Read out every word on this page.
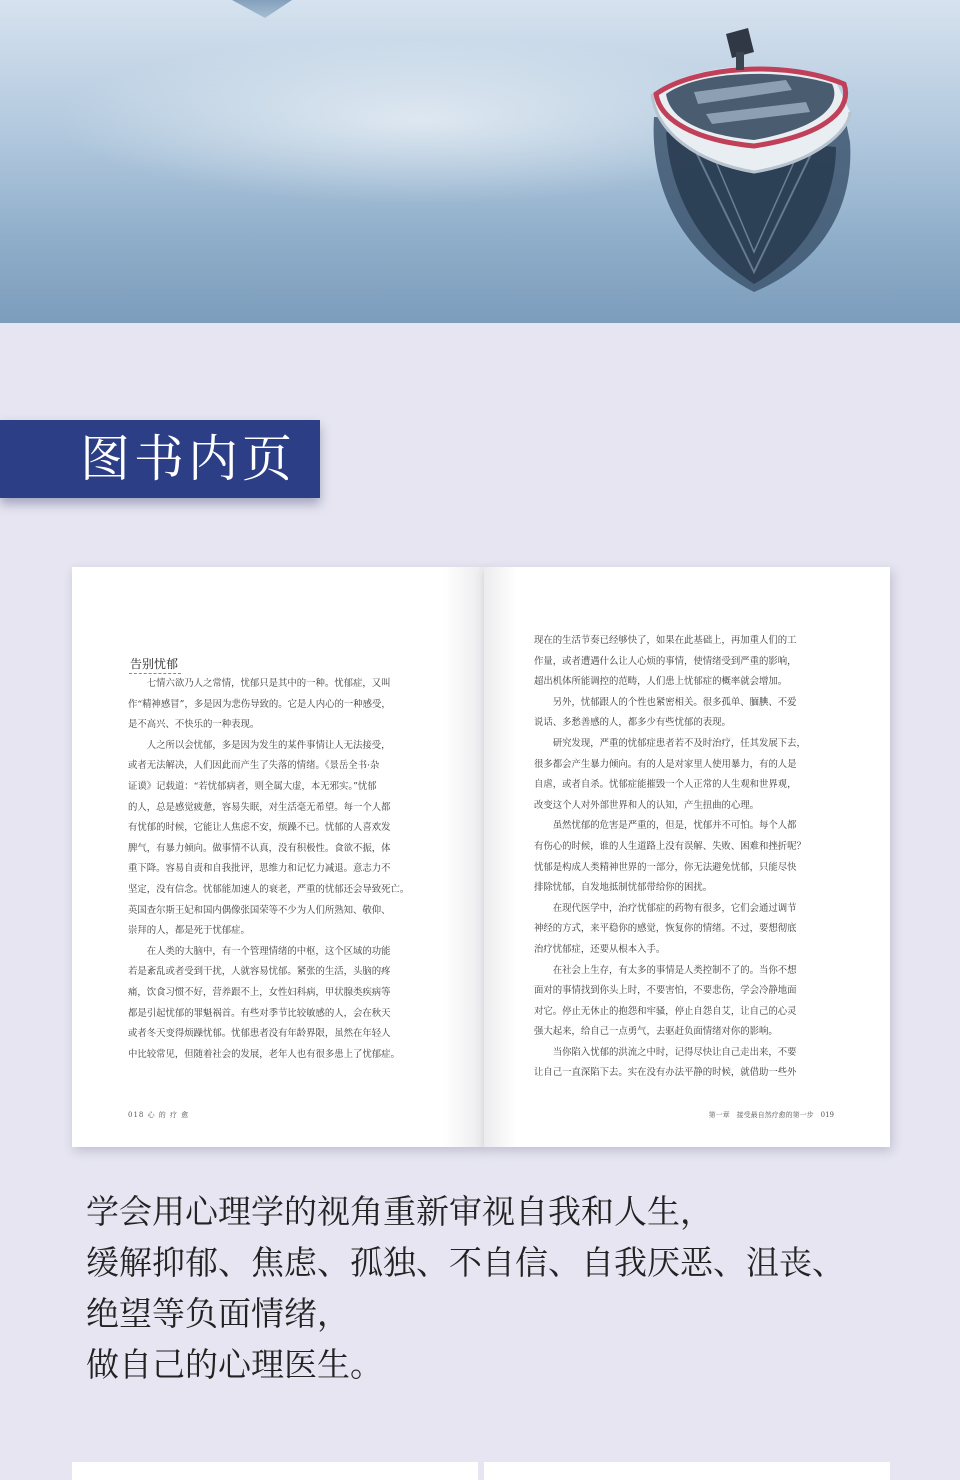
图书内页
告别忧郁

　　七情六欲乃人之常情，忧郁只是其中的一种。忧郁症，又叫

作“精神感冒”，多是因为悲伤导致的。它是人内心的一种感受，

是不高兴、不快乐的一种表现。

　　人之所以会忧郁，多是因为发生的某件事情让人无法接受，

或者无法解决，人们因此而产生了失落的情绪。《景岳全书·杂

证谟》记载道：“若忧郁病者，则全属大虚，本无邪实。”忧郁

的人，总是感觉疲惫，容易失眠，对生活毫无希望。每一个人都

有忧郁的时候，它能让人焦虑不安，烦躁不已。忧郁的人喜欢发

脾气，有暴力倾向。做事情不认真，没有积极性。食欲不振，体

重下降。容易自责和自我批评，思维力和记忆力减退。意志力不

坚定，没有信念。忧郁能加速人的衰老，严重的忧郁还会导致死亡。

英国查尔斯王妃和国内偶像张国荣等不少为人们所熟知、敬仰、

崇拜的人，都是死于忧郁症。

　　在人类的大脑中，有一个管理情绪的中枢，这个区域的功能

若是紊乱或者受到干扰，人就容易忧郁。紧张的生活，头脑的疼

痛，饮食习惯不好，营养跟不上，女性妇科病，甲状腺类疾病等

都是引起忧郁的罪魁祸首。有些对季节比较敏感的人，会在秋天

或者冬天变得烦躁忧郁。忧郁患者没有年龄界限，虽然在年轻人

中比较常见，但随着社会的发展，老年人也有很多患上了忧郁症。

018 心 的 疗 愈

现在的生活节奏已经够快了，如果在此基础上，再加重人们的工

作量，或者遭遇什么让人心烦的事情，使情绪受到严重的影响，

超出机体所能调控的范畴，人们患上忧郁症的概率就会增加。

　　另外，忧郁跟人的个性也紧密相关。很多孤单、腼腆、不爱

说话、多愁善感的人，都多少有些忧郁的表现。

　　研究发现，严重的忧郁症患者若不及时治疗，任其发展下去，

很多都会产生暴力倾向。有的人是对家里人使用暴力，有的人是

自虐，或者自杀。忧郁症能摧毁一个人正常的人生观和世界观，

改变这个人对外部世界和人的认知，产生扭曲的心理。

　　虽然忧郁的危害是严重的，但是，忧郁并不可怕。每个人都

有伤心的时候，谁的人生道路上没有误解、失败、困难和挫折呢？

忧郁是构成人类精神世界的一部分，你无法避免忧郁，只能尽快

排除忧郁，自发地抵制忧郁带给你的困扰。

　　在现代医学中，治疗忧郁症的药物有很多，它们会通过调节

神经的方式，来平稳你的感觉，恢复你的情绪。不过，要想彻底

治疗忧郁症，还要从根本入手。

　　在社会上生存，有太多的事情是人类控制不了的。当你不想

面对的事情找到你头上时，不要害怕，不要悲伤，学会冷静地面

对它。停止无休止的抱怨和牢骚，停止自怨自艾，让自己的心灵

强大起来，给自己一点勇气，去驱赶负面情绪对你的影响。

　　当你陷入忧郁的洪流之中时，记得尽快让自己走出来，不要

让自己一直深陷下去。实在没有办法平静的时候，就借助一些外

第一章　接受最自然疗愈的第一步　019
学会用心理学的视角重新审视自我和人生，
缓解抑郁、焦虑、孤独、不自信、自我厌恶、沮丧、
绝望等负面情绪，
做自己的心理医生。
